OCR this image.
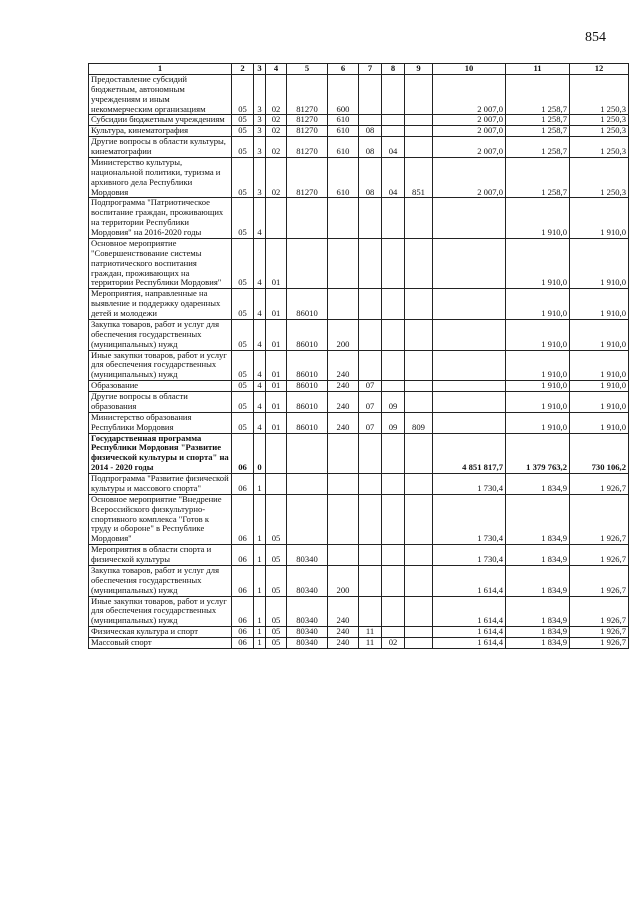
854
1	2	3	4	5	6	7	8	9	10	11	12
Предоставление субсидий бюджетным, автономным учреждениям и иным некоммерческим организациям	05	3	02	81270	600				2 007,0	1 258,7	1 250,3
Субсидии бюджетным учреждениям	05	3	02	81270	610				2 007,0	1 258,7	1 250,3
Культура, кинематография	05	3	02	81270	610	08			2 007,0	1 258,7	1 250,3
Другие вопросы в области культуры, кинематографии	05	3	02	81270	610	08	04		2 007,0	1 258,7	1 250,3
Министерство культуры, национальной политики, туризма и архивного дела Республики Мордовия	05	3	02	81270	610	08	04	851	2 007,0	1 258,7	1 250,3
Подпрограмма "Патриотическое воспитание граждан, проживающих на территории Республики Мордовия" на 2016-2020 годы	05	4								1 910,0	1 910,0
Основное мероприятие "Совершенствование системы патриотического воспитания граждан, проживающих на территории Республики Мордовия"	05	4	01							1 910,0	1 910,0
Мероприятия, направленные на выявление и поддержку одаренных детей и молодежи	05	4	01	86010						1 910,0	1 910,0
Закупка товаров, работ и услуг для обеспечения государственных (муниципальных) нужд	05	4	01	86010	200					1 910,0	1 910,0
Иные закупки товаров, работ и услуг для обеспечения государственных (муниципальных) нужд	05	4	01	86010	240					1 910,0	1 910,0
Образование	05	4	01	86010	240	07				1 910,0	1 910,0
Другие вопросы в области образования	05	4	01	86010	240	07	09			1 910,0	1 910,0
Министерство образования Республики Мордовия	05	4	01	86010	240	07	09	809		1 910,0	1 910,0
Государственная программа Республики Мордовия "Развитие физической культуры и спорта" на 2014 - 2020 годы	06	0							4 851 817,7	1 379 763,2	730 106,2
Подпрограмма "Развитие физической культуры и массового спорта"	06	1							1 730,4	1 834,9	1 926,7
Основное мероприятие "Внедрение Всероссийского физкультурно-спортивного комплекса "Готов к труду и обороне" в Республике Мордовия"	06	1	05						1 730,4	1 834,9	1 926,7
Мероприятия в области спорта и физической культуры	06	1	05	80340					1 730,4	1 834,9	1 926,7
Закупка товаров, работ и услуг для обеспечения государственных (муниципальных) нужд	06	1	05	80340	200				1 614,4	1 834,9	1 926,7
Иные закупки товаров, работ и услуг для обеспечения государственных (муниципальных) нужд	06	1	05	80340	240				1 614,4	1 834,9	1 926,7
Физическая культура и спорт	06	1	05	80340	240	11			1 614,4	1 834,9	1 926,7
Массовый спорт	06	1	05	80340	240	11	02		1 614,4	1 834,9	1 926,7
